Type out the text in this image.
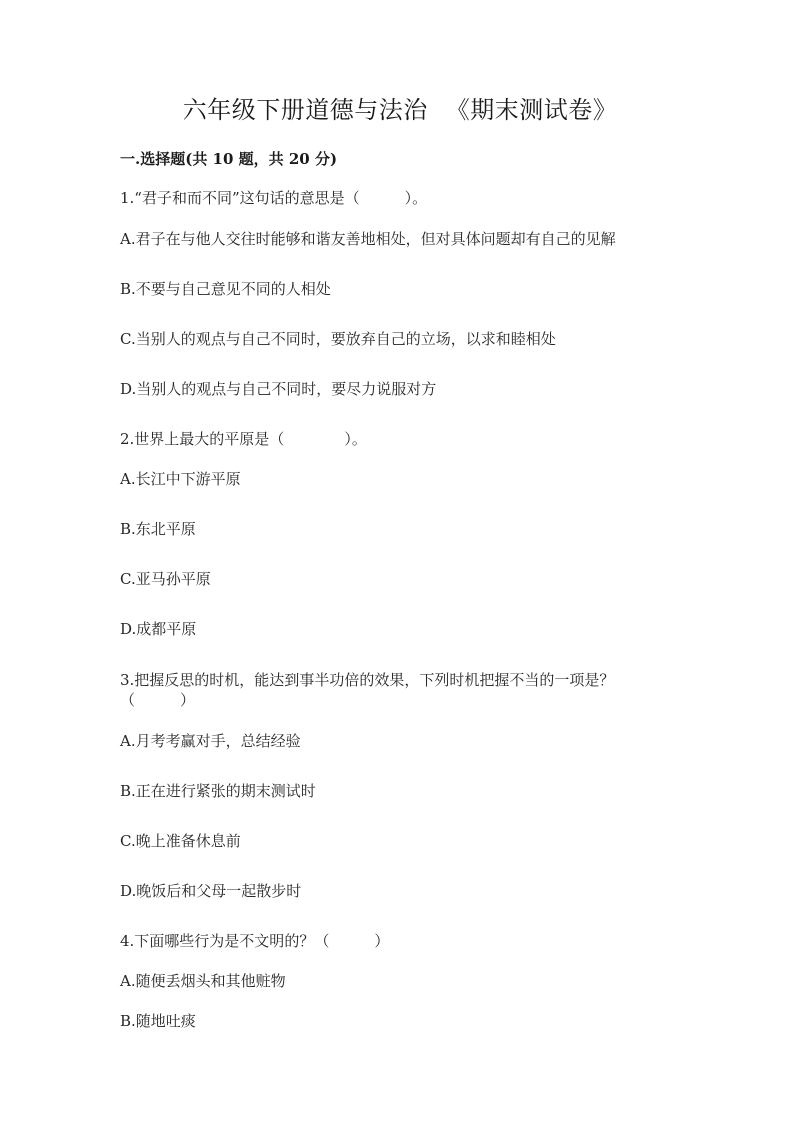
六年级下册道德与法治 《期末测试卷》
一.选择题(共 10 题，共 20 分)
1.“君子和而不同”这句话的意思是（　　　）。
A.君子在与他人交往时能够和谐友善地相处，但对具体问题却有自己的见解
B.不要与自己意见不同的人相处
C.当别人的观点与自己不同时，要放弃自己的立场，以求和睦相处
D.当别人的观点与自己不同时，要尽力说服对方
2.世界上最大的平原是（　　　　）。
A.长江中下游平原
B.东北平原
C.亚马孙平原
D.成都平原
3.把握反思的时机，能达到事半功倍的效果，下列时机把握不当的一项是？
（　　　）
A.月考考赢对手，总结经验
B.正在进行紧张的期末测试时
C.晚上准备休息前
D.晚饭后和父母一起散步时
4.下面哪些行为是不文明的？（　　　）
A.随便丢烟头和其他赃物
B.随地吐痰
